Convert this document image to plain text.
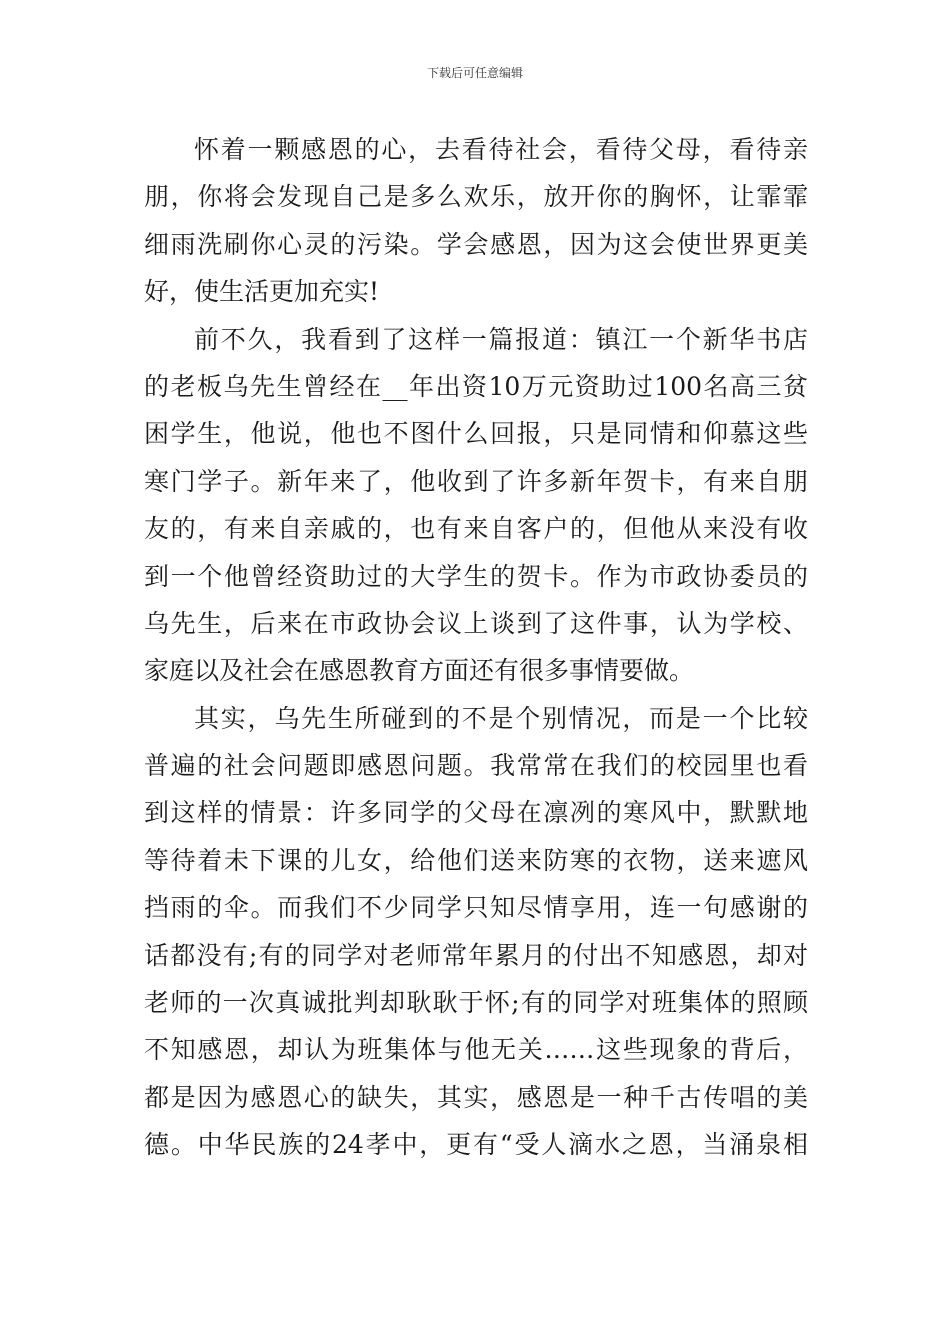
下载后可任意编辑
怀着一颗感恩的心，去看待社会，看待父母，看待亲
朋，你将会发现自己是多么欢乐，放开你的胸怀，让霏霏
细雨洗刷你心灵的污染。学会感恩，因为这会使世界更美
好，使生活更加充实!
前不久，我看到了这样一篇报道：镇江一个新华书店
的老板乌先生曾经在__年出资10万元资助过100名高三贫
困学生，他说，他也不图什么回报，只是同情和仰慕这些
寒门学子。新年来了，他收到了许多新年贺卡，有来自朋
友的，有来自亲戚的，也有来自客户的，但他从来没有收
到一个他曾经资助过的大学生的贺卡。作为市政协委员的
乌先生，后来在市政协会议上谈到了这件事，认为学校、
家庭以及社会在感恩教育方面还有很多事情要做。
其实，乌先生所碰到的不是个别情况，而是一个比较
普遍的社会问题即感恩问题。我常常在我们的校园里也看
到这样的情景：许多同学的父母在凛冽的寒风中，默默地
等待着未下课的儿女，给他们送来防寒的衣物，送来遮风
挡雨的伞。而我们不少同学只知尽情享用，连一句感谢的
话都没有;有的同学对老师常年累月的付出不知感恩，却对
老师的一次真诚批判却耿耿于怀;有的同学对班集体的照顾
不知感恩，却认为班集体与他无关……这些现象的背后，
都是因为感恩心的缺失，其实，感恩是一种千古传唱的美
德。中华民族的24孝中，更有“受人滴水之恩，当涌泉相
